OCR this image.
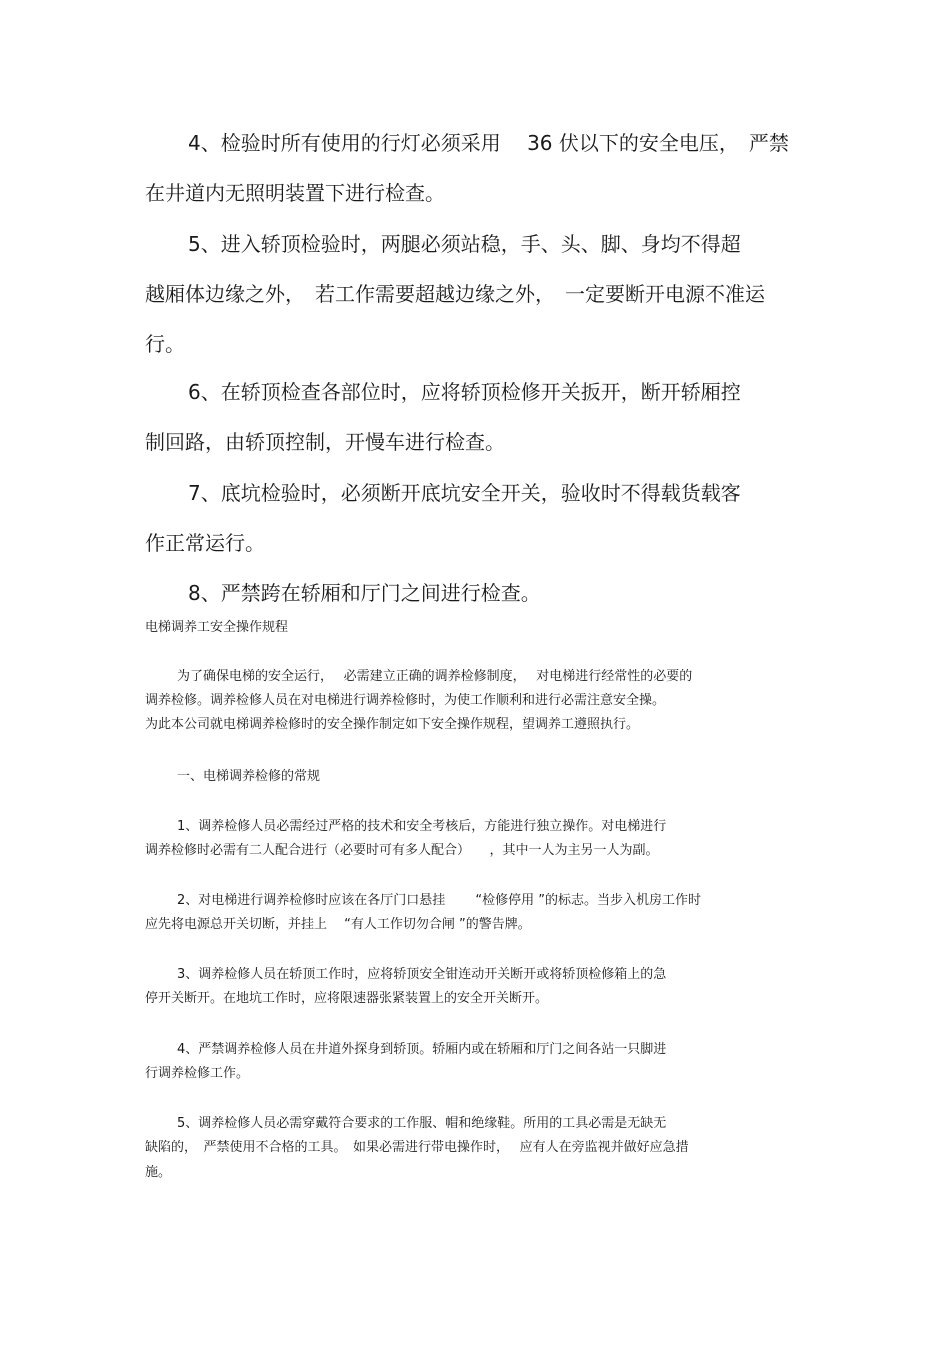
4、检验时所有使用的行灯必须采用　 36 伏以下的安全电压，　严禁

在井道内无照明装置下进行检查。

5、进入轿顶检验时，两腿必须站稳，手、头、脚、身均不得超

越厢体边缘之外，　若工作需要超越边缘之外，　一定要断开电源不准运

行。

6、在轿顶检查各部位时，应将轿顶检修开关扳开，断开轿厢控

制回路，由轿顶控制，开慢车进行检查。

7、底坑检验时，必须断开底坑安全开关，验收时不得载货载客

作正常运行。

8、严禁跨在轿厢和厅门之间进行检查。

电梯调养工安全操作规程

为了确保电梯的安全运行，　 必需建立正确的调养检修制度，　 对电梯进行经常性的必要的

调养检修。调养检修人员在对电梯进行调养检修时，为使工作顺利和进行必需注意安全操。

为此本公司就电梯调养检修时的安全操作制定如下安全操作规程，望调养工遵照执行。

一、电梯调养检修的常规

1、调养检修人员必需经过严格的技术和安全考核后，方能进行独立操作。对电梯进行

调养检修时必需有二人配合进行（必要时可有多人配合）　　，其中一人为主另一人为副。

2、对电梯进行调养检修时应该在各厅门口悬挂　　 “检修停用 ”的标志。当步入机房工作时

应先将电源总开关切断，并挂上　 “有人工作切勿合闸 ”的警告牌。

3、调养检修人员在轿顶工作时，应将轿顶安全钳连动开关断开或将轿顶检修箱上的急

停开关断开。在地坑工作时，应将限速器张紧装置上的安全开关断开。

4、严禁调养检修人员在井道外探身到轿顶。轿厢内或在轿厢和厅门之间各站一只脚进

行调养检修工作。

5、调养检修人员必需穿戴符合要求的工作服、帽和绝缘鞋。所用的工具必需是无缺无

缺陷的，　严禁使用不合格的工具。　如果必需进行带电操作时，　 应有人在旁监视并做好应急措

施。
